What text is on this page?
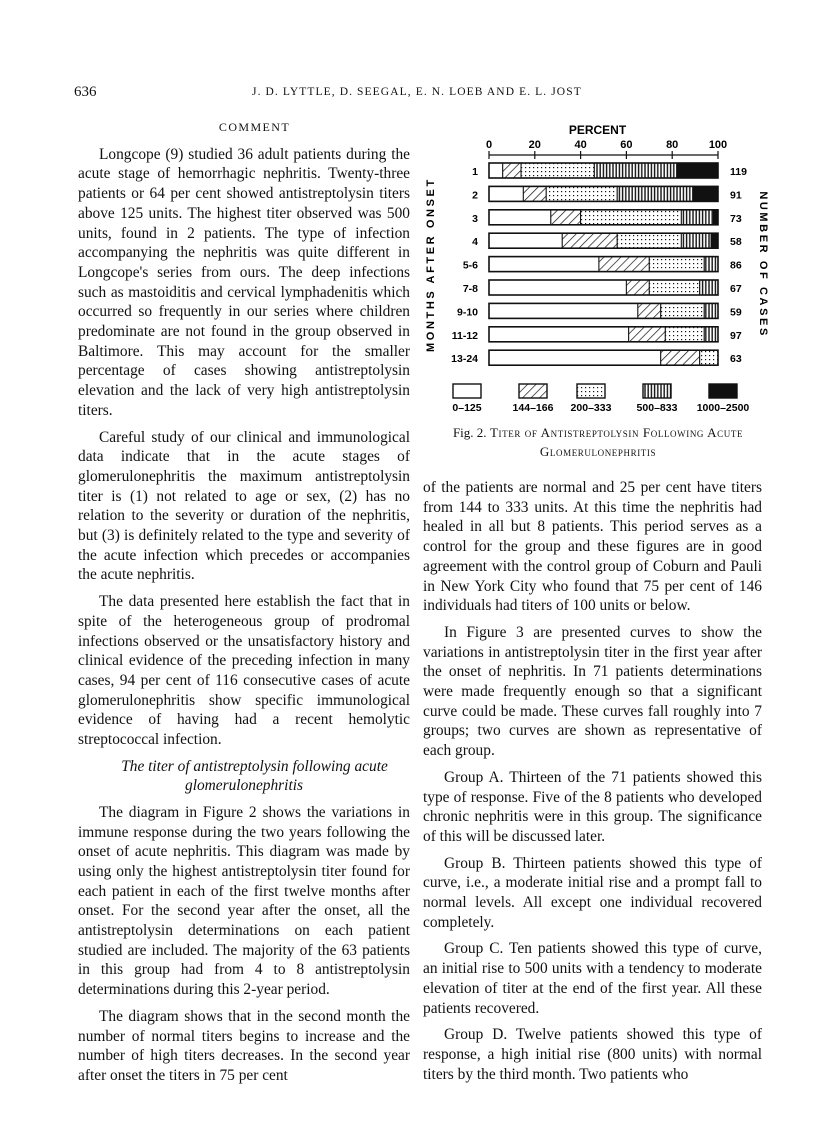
636	J. D. LYTTLE, D. SEEGAL, E. N. LOEB AND E. L. JOST

COMMENT

Longcope (9) studied 36 adult patients during the acute stage of hemorrhagic nephritis. Twenty-three patients or 64 per cent showed antistreptolysin titers above 125 units. The highest titer observed was 500 units, found in 2 patients. The type of infection accompanying the nephritis was quite different in Longcope's series from ours. The deep infections such as mastoiditis and cervical lymphadenitis which occurred so frequently in our series where children predominate are not found in the group observed in Baltimore. This may account for the smaller percentage of cases showing antistreptolysin elevation and the lack of very high antistreptolysin titers.

Careful study of our clinical and immunological data indicate that in the acute stages of glomerulonephritis the maximum antistreptolysin titer is (1) not related to age or sex, (2) has no relation to the severity or duration of the nephritis, but (3) is definitely related to the type and severity of the acute infection which precedes or accompanies the acute nephritis.

The data presented here establish the fact that in spite of the heterogeneous group of prodromal infections observed or the unsatisfactory history and clinical evidence of the preceding infection in many cases, 94 per cent of 116 consecutive cases of acute glomerulonephritis show specific immunological evidence of having had a recent hemolytic streptococcal infection.

The titer of antistreptolysin following acute glomerulonephritis

The diagram in Figure 2 shows the variations in immune response during the two years following the onset of acute nephritis. This diagram was made by using only the highest antistreptolysin titer found for each patient in each of the first twelve months after onset. For the second year after the onset, all the antistreptolysin determinations on each patient studied are included. The majority of the 63 patients in this group had from 4 to 8 antistreptolysin determinations during this 2-year period.

The diagram shows that in the second month the number of normal titers begins to increase and the number of high titers decreases. In the second year after onset the titers in 75 per cent

PERCENT
0	20	40	60	80	100
MONTHS AFTER ONSET	NUMBER OF CASES
1	119
2	91
3	73
4	58
5-6	86
7-8	67
9-10	59
11-12	97
13-24	63
0–125	144–166 200–333 500–833 1000–2500
Fig. 2. Titer of Antistreptolysin Following Acute Glomerulonephritis

of the patients are normal and 25 per cent have titers from 144 to 333 units. At this time the nephritis had healed in all but 8 patients. This period serves as a control for the group and these figures are in good agreement with the control group of Coburn and Pauli in New York City who found that 75 per cent of 146 individuals had titers of 100 units or below.

In Figure 3 are presented curves to show the variations in antistreptolysin titer in the first year after the onset of nephritis. In 71 patients determinations were made frequently enough so that a significant curve could be made. These curves fall roughly into 7 groups; two curves are shown as representative of each group.

Group A. Thirteen of the 71 patients showed this type of response. Five of the 8 patients who developed chronic nephritis were in this group. The significance of this will be discussed later.

Group B. Thirteen patients showed this type of curve, i.e., a moderate initial rise and a prompt fall to normal levels. All except one individual recovered completely.

Group C. Ten patients showed this type of curve, an initial rise to 500 units with a tendency to moderate elevation of titer at the end of the first year. All these patients recovered.

Group D. Twelve patients showed this type of response, a high initial rise (800 units) with normal titers by the third month. Two patients who
